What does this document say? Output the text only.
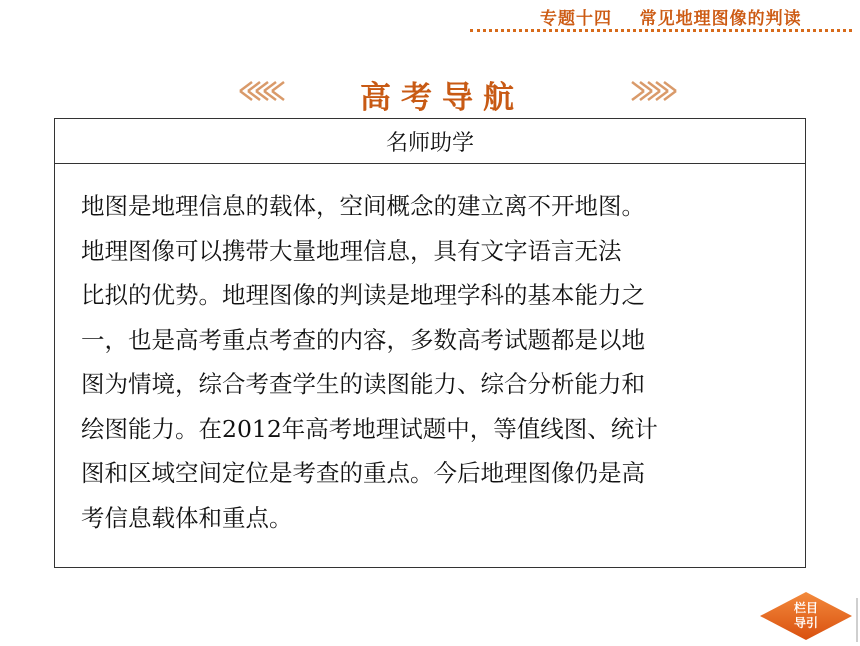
专题十四    常见地理图像的判读
高考导航
名师助学
地图是地理信息的载体，空间概念的建立离不开地图。
地理图像可以携带大量地理信息，具有文字语言无法
比拟的优势。地理图像的判读是地理学科的基本能力之
一，也是高考重点考查的内容，多数高考试题都是以地
图为情境，综合考查学生的读图能力、综合分析能力和
绘图能力。在2012年高考地理试题中，等值线图、统计
图和区域空间定位是考查的重点。今后地理图像仍是高
考信息载体和重点。
栏目
导引
